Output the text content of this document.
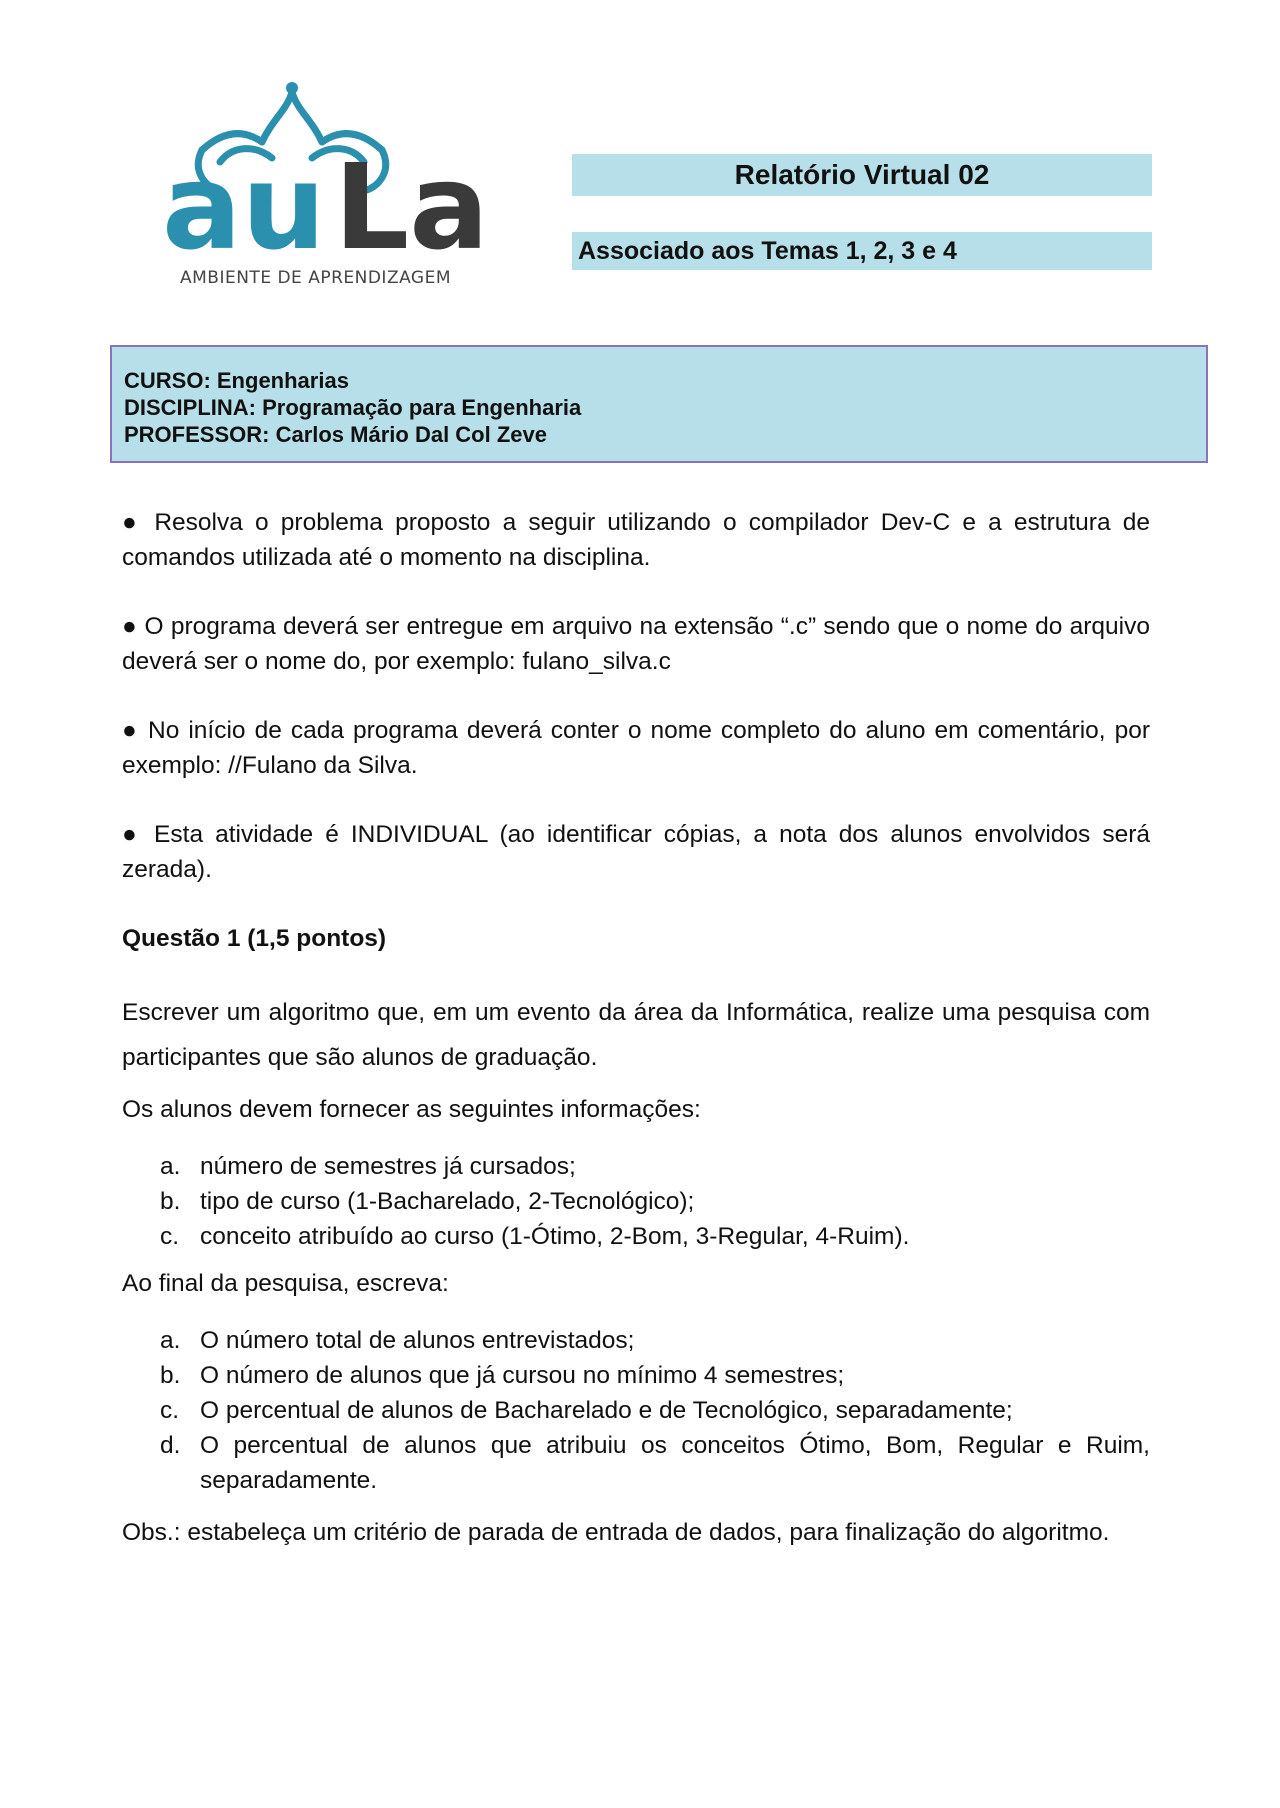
au La
AMBIENTE DE APRENDIZAGEM
Relatório Virtual 02
Associado aos Temas 1, 2, 3 e 4
CURSO: Engenharias
DISCIPLINA: Programação para Engenharia
PROFESSOR: Carlos Mário Dal Col Zeve

● Resolva o problema proposto a seguir utilizando o compilador Dev-C e a estrutura de comandos utilizada até o momento na disciplina.

● O programa deverá ser entregue em arquivo na extensão “.c” sendo que o nome do arquivo deverá ser o nome do, por exemplo: fulano_silva.c

● No início de cada programa deverá conter o nome completo do aluno em comentário, por exemplo: //Fulano da Silva.

● Esta atividade é INDIVIDUAL (ao identificar cópias, a nota dos alunos envolvidos será zerada).

Questão 1 (1,5 pontos)

Escrever um algoritmo que, em um evento da área da Informática, realize uma pesquisa com participantes que são alunos de graduação.

Os alunos devem fornecer as seguintes informações:

a. número de semestres já cursados;
b. tipo de curso (1-Bacharelado, 2-Tecnológico);
c. conceito atribuído ao curso (1-Ótimo, 2-Bom, 3-Regular, 4-Ruim).

Ao final da pesquisa, escreva:

a. O número total de alunos entrevistados;
b. O número de alunos que já cursou no mínimo 4 semestres;
c. O percentual de alunos de Bacharelado e de Tecnológico, separadamente;
d. O percentual de alunos que atribuiu os conceitos Ótimo, Bom, Regular e Ruim, separadamente.

Obs.: estabeleça um critério de parada de entrada de dados, para finalização do algoritmo.
